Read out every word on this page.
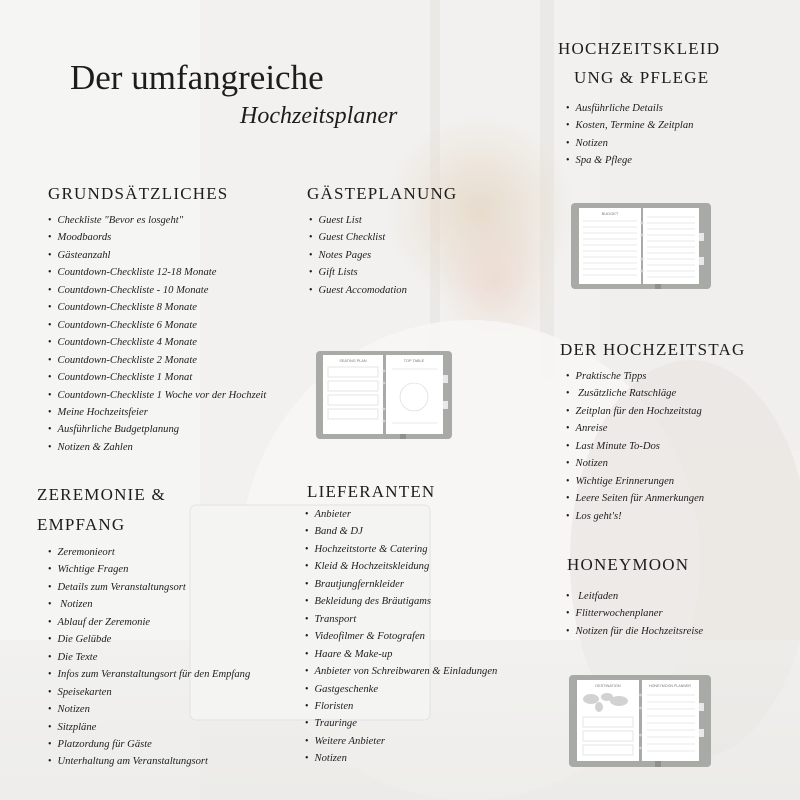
Der umfangreiche
Hochzeitsplaner
HOCHZEITSKLEID
UNG & PFLEGE
• Ausführliche Details
• Kosten, Termine & Zeitplan
• Notizen
• Spa & Pflege
GRUNDSÄTZLICHES
• Checkliste "Bevor es losgeht"
• Moodbaords
• Gästeanzahl
• Countdown-Checkliste 12-18 Monate
• Countdown-Checkliste - 10 Monate
• Countdown-Checkliste 8 Monate
• Countdown-Checkliste 6 Monate
• Countdown-Checkliste 4 Monate
• Countdown-Checkliste 2 Monate
• Countdown-Checkliste 1 Monat
• Countdown-Checkliste 1 Woche vor der Hochzeit
• Meine Hochzeitsfeier
• Ausführliche Budgetplanung
• Notizen & Zahlen
GÄSTEPLANUNG
• Guest List
• Guest Checklist
• Notes Pages
• Gift Lists
• Guest Accomodation
DER HOCHZEITSTAG
• Praktische Tipps
• Zusätzliche Ratschläge
• Zeitplan für den Hochzeitstag
• Anreise
• Last Minute To-Dos
• Notizen
• Wichtige Erinnerungen
• Leere Seiten für Anmerkungen
• Los geht's!
ZEREMONIE &
EMPFANG
• Zeremonieort
• Wichtige Fragen
• Details zum Veranstaltungsort
• Notizen
• Ablauf der Zeremonie
• Die Gelübde
• Die Texte
• Infos zum Veranstaltungsort für den Empfang
• Speisekarten
• Notizen
• Sitzpläne
• Platzordung für Gäste
• Unterhaltung am Veranstaltungsort
LIEFERANTEN
• Anbieter
• Band & DJ
• Hochzeitstorte & Catering
• Kleid & Hochzeitskleidung
• Brautjungfernkleider
• Bekleidung des Bräutigams
• Transport
• Videofilmer & Fotografen
• Haare & Make-up
• Anbieter von Schreibwaren & Einladungen
• Gastgeschenke
• Floristen
• Trauringe
• Weitere Anbieter
• Notizen
HONEYMOON
• Leitfaden
• Flitterwochenplaner
• Notizen für die Hochzeitsreise
BUDGET
SEATING PLAN	TOP TABLE
DESTINATION	HONEYMOON PLANNER
